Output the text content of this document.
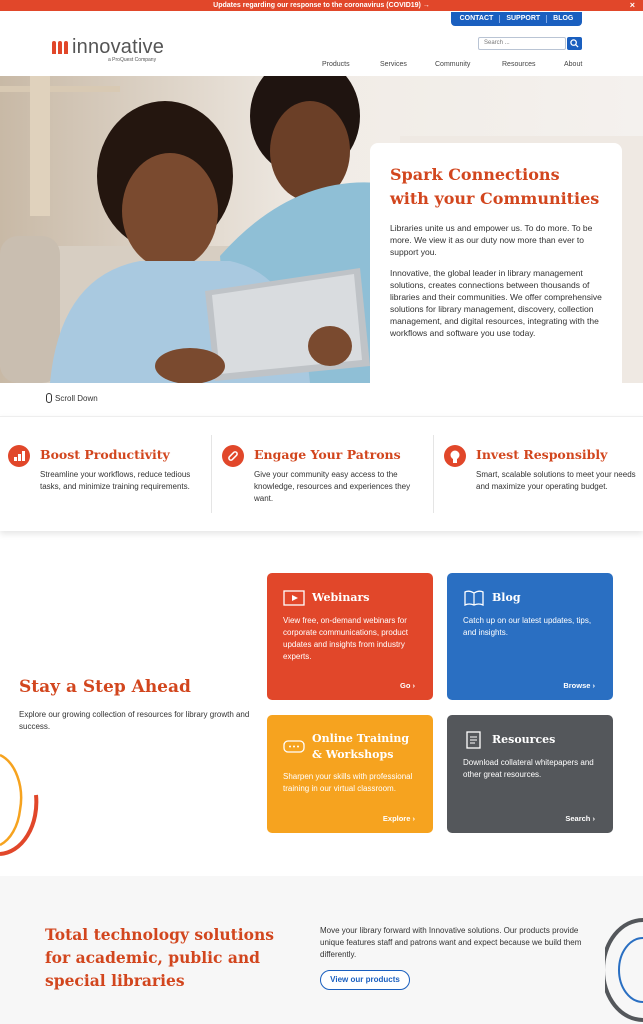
Updates regarding our response to the coronavirus (COVID19) →	×
CONTACT	SUPPORT	BLOG
innovative
a ProQuest Company
Search ...
Products	Services	Community	Resources	About
Spark Connections with your Communities

Libraries unite us and empower us. To do more. To be more. We view it as our duty now more than ever to support you.

Innovative, the global leader in library management solutions, creates connections between thousands of libraries and their communities. We offer comprehensive solutions for library management, discovery, collection management, and digital resources, integrating with the workflows and software you use today.

Scroll Down
Boost Productivity
Streamline your workflows, reduce tedious tasks, and minimize training requirements.
Engage Your Patrons
Give your community easy access to the knowledge, resources and experiences they want.
Invest Responsibly
Smart, scalable solutions to meet your needs and maximize your operating budget.
Stay a Step Ahead
Explore our growing collection of resources for library growth and success.
Webinars
View free, on-demand webinars for corporate communications, product updates and insights from industry experts.
Go ›
Blog
Catch up on our latest updates, tips, and insights.
Browse ›
Online Training & Workshops
Sharpen your skills with professional training in our virtual classroom.
Explore ›
Resources
Download collateral whitepapers and other great resources.
Search ›
Total technology solutions for academic, public and special libraries
Move your library forward with Innovative solutions. Our products provide unique features staff and patrons want and expect because we build them differently.
View our products
